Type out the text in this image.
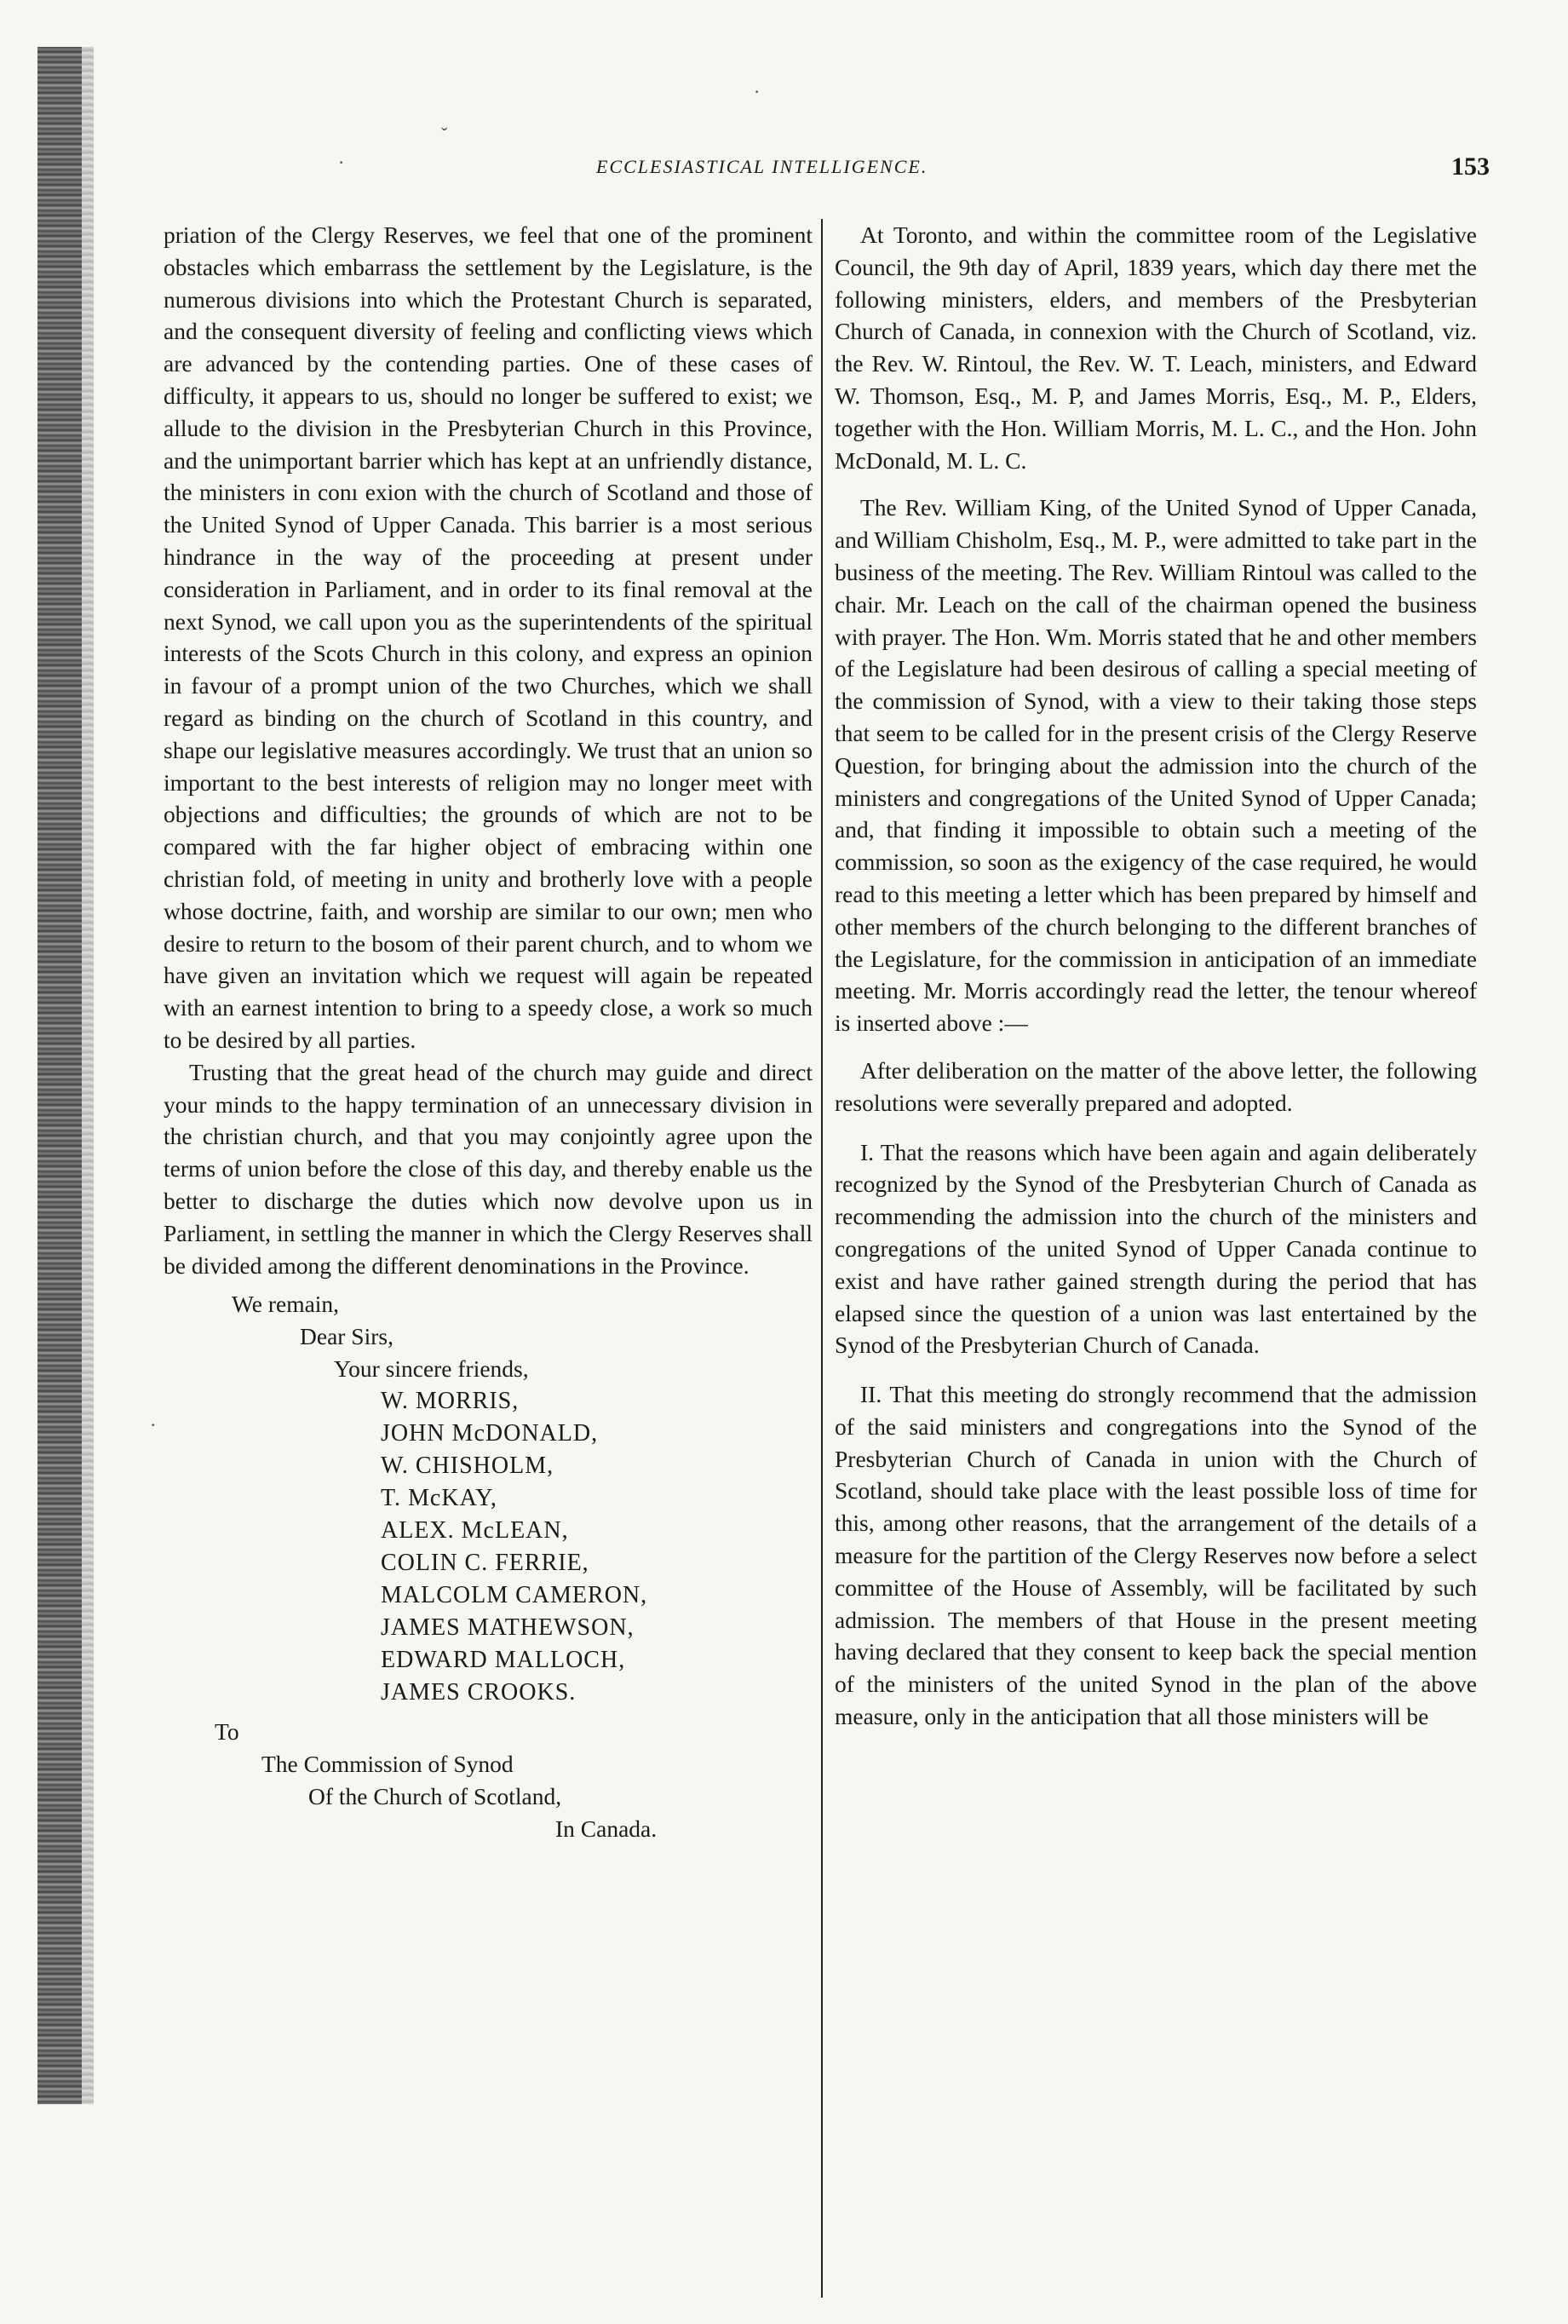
·
ˇ
·
·
ECCLESIASTICAL INTELLIGENCE.	153

priation of the Clergy Reserves, we feel that one of the prominent obstacles which embarrass the settlement by the Legislature, is the numerous divisions into which the Protestant Church is separated, and the consequent diversity of feeling and conflicting views which are advanced by the contending parties. One of these cases of difficulty, it appears to us, should no longer be suffered to exist; we allude to the division in the Presbyterian Church in this Province, and the unimportant barrier which has kept at an unfriendly distance, the ministers in conı exion with the church of Scotland and those of the United Synod of Upper Canada. This barrier is a most serious hindrance in the way of the proceeding at present under consideration in Parliament, and in order to its final removal at the next Synod, we call upon you as the superintendents of the spiritual interests of the Scots Church in this colony, and express an opinion in favour of a prompt union of the two Churches, which we shall regard as binding on the church of Scotland in this country, and shape our legislative measures accordingly. We trust that an union so important to the best interests of religion may no longer meet with objections and difficulties; the grounds of which are not to be compared with the far higher object of embracing within one christian fold, of meeting in unity and brotherly love with a people whose doctrine, faith, and worship are similar to our own; men who desire to return to the bosom of their parent church, and to whom we have given an invitation which we request will again be repeated with an earnest intention to bring to a speedy close, a work so much to be desired by all parties.

Trusting that the great head of the church may guide and direct your minds to the happy termination of an unnecessary division in the christian church, and that you may conjointly agree upon the terms of union before the close of this day, and thereby enable us the better to discharge the duties which now devolve upon us in Parliament, in settling the manner in which the Clergy Reserves shall be divided among the different denominations in the Province.

We remain,
Dear Sirs,
Your sincere friends,
W. MORRIS,
JOHN McDONALD,
W. CHISHOLM,
T. McKAY,
ALEX. McLEAN,
COLIN C. FERRIE,
MALCOLM CAMERON,
JAMES MATHEWSON,
EDWARD MALLOCH,
JAMES CROOKS.
To
The Commission of Synod
Of the Church of Scotland,
In Canada.

At Toronto, and within the committee room of the Legislative Council, the 9th day of April, 1839 years, which day there met the following ministers, elders, and members of the Presbyterian Church of Canada, in connexion with the Church of Scotland, viz. the Rev. W. Rintoul, the Rev. W. T. Leach, ministers, and Edward W. Thomson, Esq., M. P, and James Morris, Esq., M. P., Elders, together with the Hon. William Morris, M. L. C., and the Hon. John McDonald, M. L. C.

The Rev. William King, of the United Synod of Upper Canada, and William Chisholm, Esq., M. P., were admitted to take part in the business of the meeting. The Rev. William Rintoul was called to the chair. Mr. Leach on the call of the chairman opened the business with prayer. The Hon. Wm. Morris stated that he and other members of the Legislature had been desirous of calling a special meeting of the commission of Synod, with a view to their taking those steps that seem to be called for in the present crisis of the Clergy Reserve Question, for bringing about the admission into the church of the ministers and congregations of the United Synod of Upper Canada; and, that finding it impossible to obtain such a meeting of the commission, so soon as the exigency of the case required, he would read to this meeting a letter which has been prepared by himself and other members of the church belonging to the different branches of the Legislature, for the commission in anticipation of an immediate meeting. Mr. Morris accordingly read the letter, the tenour whereof is inserted above :—

After deliberation on the matter of the above letter, the following resolutions were severally prepared and adopted.

I. That the reasons which have been again and again deliberately recognized by the Synod of the Presbyterian Church of Canada as recommending the admission into the church of the ministers and congregations of the united Synod of Upper Canada continue to exist and have rather gained strength during the period that has elapsed since the question of a union was last entertained by the Synod of the Presbyterian Church of Canada.

II. That this meeting do strongly recommend that the admission of the said ministers and congregations into the Synod of the Presbyterian Church of Canada in union with the Church of Scotland, should take place with the least possible loss of time for this, among other reasons, that the arrangement of the details of a measure for the partition of the Clergy Reserves now before a select committee of the House of Assembly, will be facilitated by such admission. The members of that House in the present meeting having declared that they consent to keep back the special mention of the ministers of the united Synod in the plan of the above measure, only in the anticipation that all those ministers will be
